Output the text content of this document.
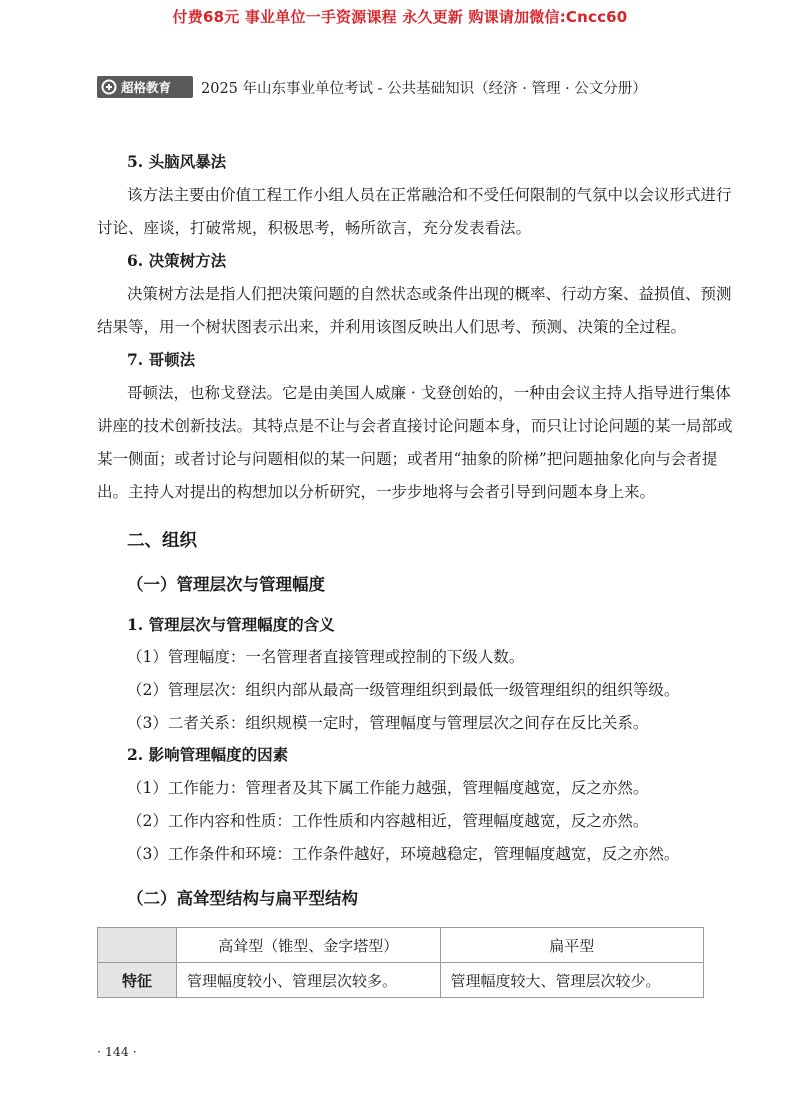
付费68元 事业单位一手资源课程 永久更新 购课请加微信:Cncc60
超格教育 2025 年山东事业单位考试 - 公共基础知识（经济 · 管理 · 公文分册）
5. 头脑风暴法
该方法主要由价值工程工作小组人员在正常融洽和不受任何限制的气氛中以会议形式进行
讨论、座谈，打破常规，积极思考，畅所欲言，充分发表看法。
6. 决策树方法
决策树方法是指人们把决策问题的自然状态或条件出现的概率、行动方案、益损值、预测
结果等，用一个树状图表示出来，并利用该图反映出人们思考、预测、决策的全过程。
7. 哥顿法
哥顿法，也称戈登法。它是由美国人威廉 · 戈登创始的，一种由会议主持人指导进行集体
讲座的技术创新技法。其特点是不让与会者直接讨论问题本身，而只让讨论问题的某一局部或
某一侧面；或者讨论与问题相似的某一问题；或者用“抽象的阶梯”把问题抽象化向与会者提
出。主持人对提出的构想加以分析研究，一步步地将与会者引导到问题本身上来。
二、组织
（一）管理层次与管理幅度
1. 管理层次与管理幅度的含义
（1）管理幅度：一名管理者直接管理或控制的下级人数。
（2）管理层次：组织内部从最高一级管理组织到最低一级管理组织的组织等级。
（3）二者关系：组织规模一定时，管理幅度与管理层次之间存在反比关系。
2. 影响管理幅度的因素
（1）工作能力：管理者及其下属工作能力越强，管理幅度越宽，反之亦然。
（2）工作内容和性质：工作性质和内容越相近，管理幅度越宽，反之亦然。
（3）工作条件和环境：工作条件越好，环境越稳定，管理幅度越宽，反之亦然。
（二）高耸型结构与扁平型结构
	高耸型（锥型、金字塔型）	扁平型
特征	管理幅度较小、管理层次较多。	管理幅度较大、管理层次较少。
· 144 ·
